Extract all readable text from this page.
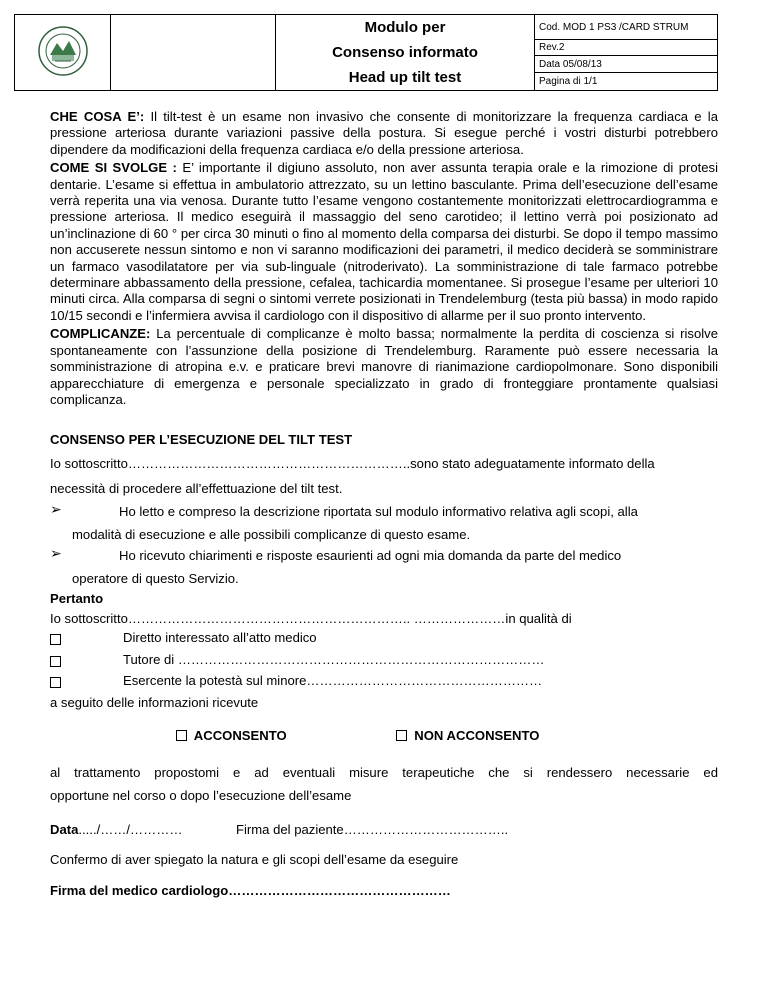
Modulo per
Consenso informato
Head up tilt test
Cod. MOD 1 PS3 /CARD STRUM
Rev.2
Data 05/08/13
Pagina di 1/1

CHE COSA E’: Il tilt-test è un esame non invasivo che consente di monitorizzare la frequenza cardiaca e la pressione arteriosa durante variazioni passive della postura. Si esegue perché i vostri disturbi potrebbero dipendere da modificazioni della frequenza cardiaca e/o della pressione arteriosa.

COME SI SVOLGE : E’ importante il digiuno assoluto, non aver assunta terapia orale e la rimozione di protesi dentarie. L’esame si effettua in ambulatorio attrezzato, su un lettino basculante. Prima dell’esecuzione dell’esame verrà reperita una via venosa. Durante tutto l’esame vengono costantemente monitorizzati elettrocardiogramma e pressione arteriosa. Il medico eseguirà il massaggio del seno carotideo; il lettino verrà poi posizionato ad un’inclinazione di 60 ° per circa 30 minuti o fino al momento della comparsa dei disturbi. Se dopo il tempo massimo non accuserete nessun sintomo e non vi saranno modificazioni dei parametri, il medico deciderà se somministrare un farmaco vasodilatatore per via sub-linguale (nitroderivato). La somministrazione di tale farmaco potrebbe determinare abbassamento della pressione, cefalea, tachicardia momentanee. Si prosegue l’esame per ulteriori 10 minuti circa. Alla comparsa di segni o sintomi verrete posizionati in Trendelemburg (testa più bassa) in modo rapido 10/15 secondi e l’infermiera avvisa il cardiologo con il dispositivo di allarme per il suo pronto intervento.

COMPLICANZE: La percentuale di complicanze è molto bassa; normalmente la perdita di coscienza si risolve spontaneamente con l’assunzione della posizione di Trendelemburg. Raramente può essere necessaria la somministrazione di atropina e.v. e praticare brevi manovre di rianimazione cardiopolmonare. Sono disponibili apparecchiature di emergenza e personale specializzato in grado di fronteggiare prontamente qualsiasi complicanza.

CONSENSO PER L’ESECUZIONE DEL TILT TEST
Io sottoscritto………………………………………………………..sono stato adeguatamente informato della
necessità di procedere all’effettuazione del tilt test.
➢	Ho letto e compreso la descrizione riportata sul modulo informativo relativa agli scopi, alla
modalità di esecuzione e alle possibili complicanze di questo esame.
➢	Ho ricevuto chiarimenti e risposte esaurienti ad ogni mia domanda da parte del medico
operatore di questo Servizio.
Pertanto
Io sottoscritto……………………………………………………….. …………………in qualità di
Diretto interessato all’atto medico
Tutore di …………………………………………………………………………
Esercente la potestà sul minore………………………………………………
a seguito delle informazioni ricevute
ACCONSENTO	NON ACCONSENTO
al trattamento propostomi e ad eventuali misure terapeutiche che si rendessero necessarie ed
opportune nel corso o dopo l’esecuzione dell’esame
Data...../……/…………	Firma del paziente………………………………..
Confermo di aver spiegato la natura e gli scopi dell’esame da eseguire
Firma del medico cardiologo……………………………………………
